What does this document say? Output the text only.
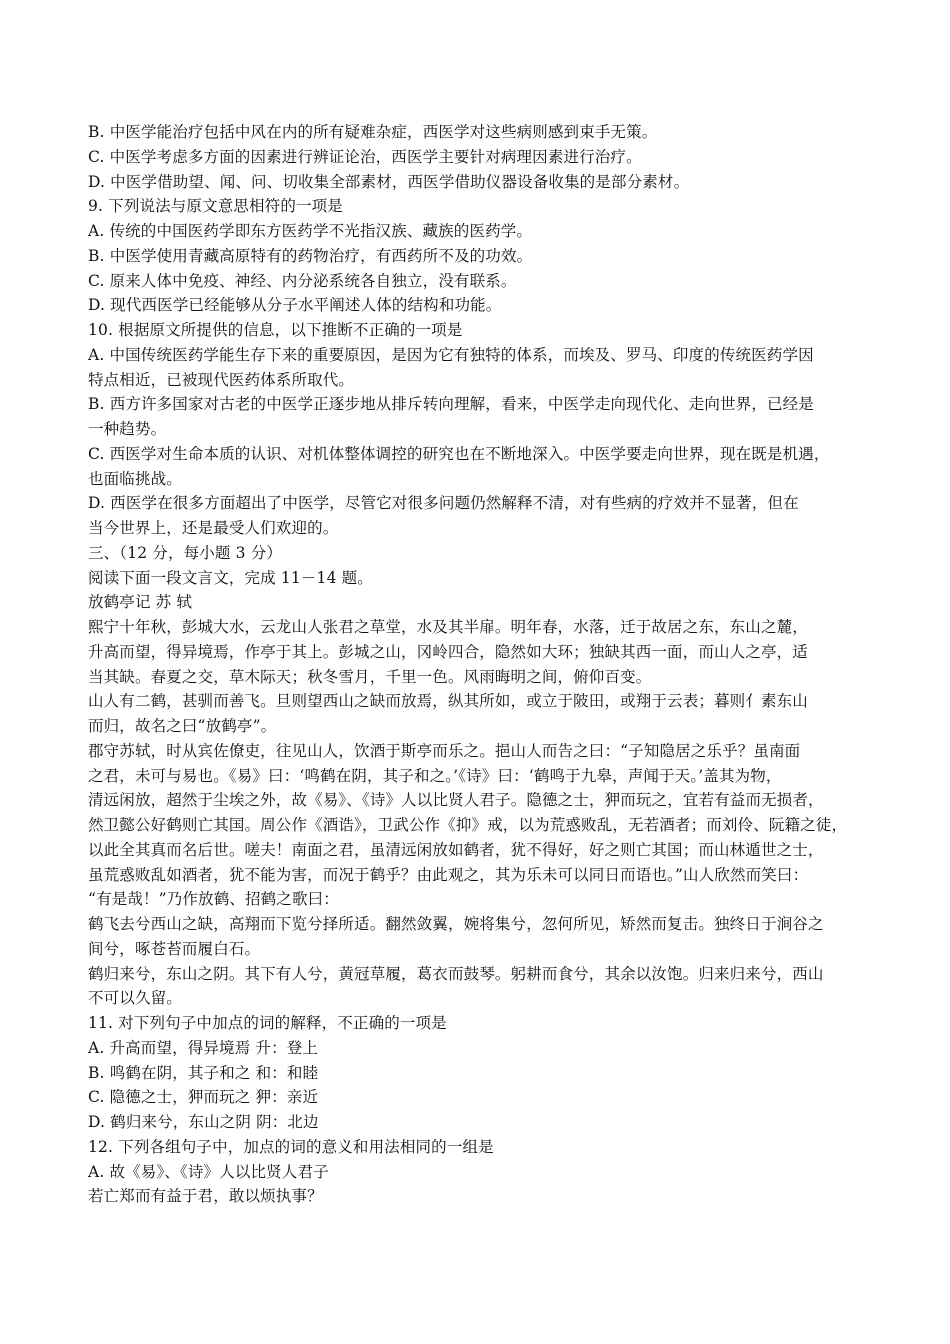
B. 中医学能治疗包括中风在内的所有疑难杂症，西医学对这些病则感到束手无策。
C. 中医学考虑多方面的因素进行辨证论治，西医学主要针对病理因素进行治疗。
D. 中医学借助望、闻、问、切收集全部素材，西医学借助仪器设备收集的是部分素材。
9. 下列说法与原文意思相符的一项是
A. 传统的中国医药学即东方医药学不光指汉族、藏族的医药学。
B. 中医学使用青藏高原特有的药物治疗，有西药所不及的功效。
C. 原来人体中免疫、神经、内分泌系统各自独立，没有联系。
D. 现代西医学已经能够从分子水平阐述人体的结构和功能。
10. 根据原文所提供的信息，以下推断不正确的一项是
A. 中国传统医药学能生存下来的重要原因，是因为它有独特的体系，而埃及、罗马、印度的传统医药学因
特点相近，已被现代医药体系所取代。
B. 西方许多国家对古老的中医学正逐步地从排斥转向理解，看来，中医学走向现代化、走向世界，已经是
一种趋势。
C. 西医学对生命本质的认识、对机体整体调控的研究也在不断地深入。中医学要走向世界，现在既是机遇，
也面临挑战。
D. 西医学在很多方面超出了中医学，尽管它对很多问题仍然解释不清，对有些病的疗效并不显著，但在
当今世界上，还是最受人们欢迎的。
三、（12 分，每小题 3 分）
阅读下面一段文言文，完成 11－14 题。
放鹤亭记 苏 轼
熙宁十年秋，彭城大水，云龙山人张君之草堂，水及其半扉。明年春，水落，迁于故居之东，东山之麓，
升高而望，得异境焉，作亭于其上。彭城之山，冈岭四合，隐然如大环；独缺其西一面，而山人之亭，适
当其缺。春夏之交，草木际天；秋冬雪月，千里一色。风雨晦明之间，俯仰百变。
山人有二鹤，甚驯而善飞。旦则望西山之缺而放焉，纵其所如，或立于陂田，或翔于云表；暮则亻素东山
而归，故名之曰“放鹤亭”。
郡守苏轼，时从宾佐僚吏，往见山人，饮酒于斯亭而乐之。挹山人而告之曰：“子知隐居之乐乎？虽南面
之君，未可与易也。《易》曰：‘鸣鹤在阴，其子和之。’《诗》曰：‘鹤鸣于九皋，声闻于天。’盖其为物，
清远闲放，超然于尘埃之外，故《易》、《诗》人以比贤人君子。隐德之士，狎而玩之，宜若有益而无损者，
然卫懿公好鹤则亡其国。周公作《酒诰》，卫武公作《抑》戒，以为荒惑败乱，无若酒者；而刘伶、阮籍之徒，
以此全其真而名后世。嗟夫！南面之君，虽清远闲放如鹤者，犹不得好，好之则亡其国；而山林遁世之士，
虽荒惑败乱如酒者，犹不能为害，而况于鹤乎？由此观之，其为乐未可以同日而语也。”山人欣然而笑曰：
“有是哉！”乃作放鹤、招鹤之歌曰：
鹤飞去兮西山之缺，高翔而下览兮择所适。翻然敛翼，婉将集兮，忽何所见，矫然而复击。独终日于涧谷之
间兮，啄苍苔而履白石。
鹤归来兮，东山之阴。其下有人兮，黄冠草履，葛衣而鼓琴。躬耕而食兮，其余以汝饱。归来归来兮，西山
不可以久留。
11. 对下列句子中加点的词的解释，不正确的一项是
A. 升高而望，得异境焉 升：登上
B. 鸣鹤在阴，其子和之 和：和睦
C. 隐德之士，狎而玩之 狎：亲近
D. 鹤归来兮，东山之阴 阴：北边
12. 下列各组句子中，加点的词的意义和用法相同的一组是
A. 故《易》、《诗》人以比贤人君子
若亡郑而有益于君，敢以烦执事？
